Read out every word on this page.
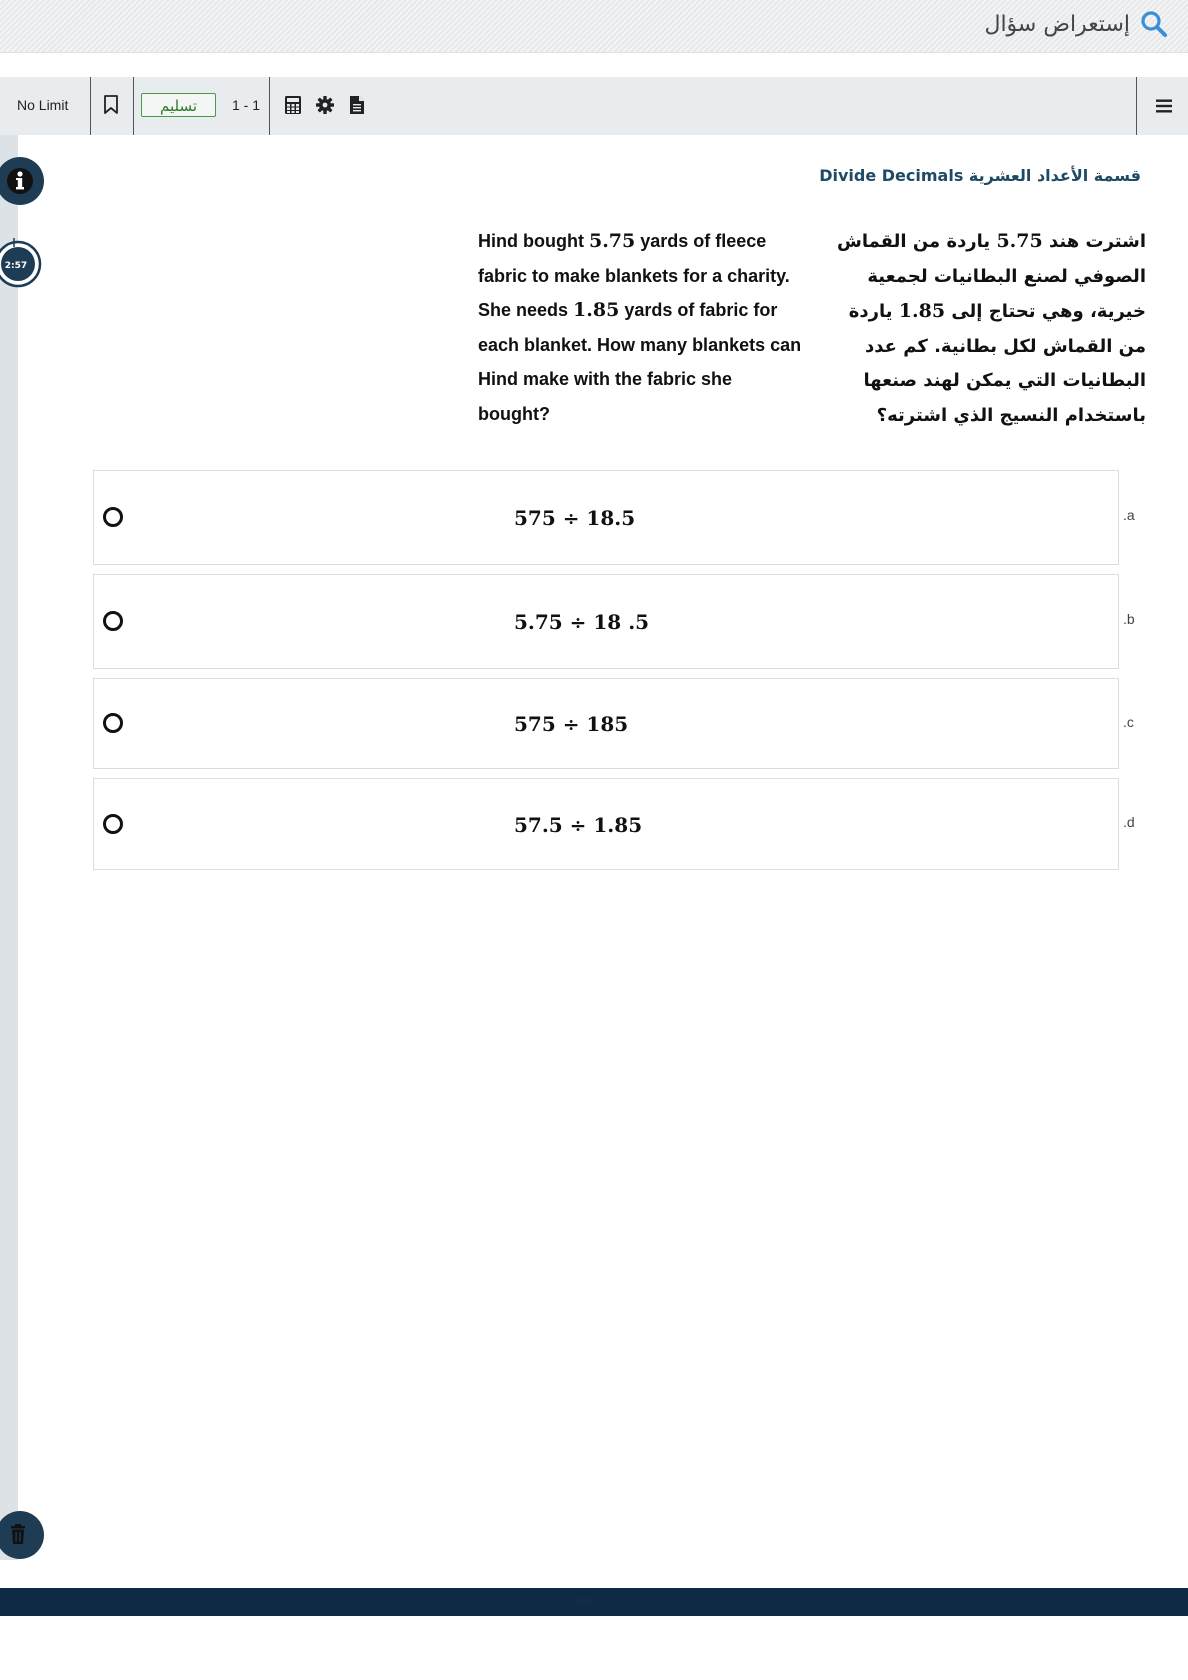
إستعراض سؤال
No Limit	تسليم	1 - 1
2:57
قسمة الأعداد العشرية Divide Decimals
Hind bought 5.75 yards of fleece fabric to make blankets for a charity. She needs 1.85 yards of fabric for each blanket. How many blankets can Hind make with the fabric she bought?
اشترت هند 5.75 ياردة من القماش الصوفي لصنع البطانيات لجمعية خيرية، وهي تحتاج إلى 1.85 ياردة من القماش لكل بطانية. كم عدد البطانيات التي يمكن لهند صنعها باستخدام النسيج الذي اشترته؟
575 ÷ 18.5	.a
5.75 ÷ 18 .5	.b
575 ÷ 185	.c
57.5 ÷ 1.85	.d
0%
